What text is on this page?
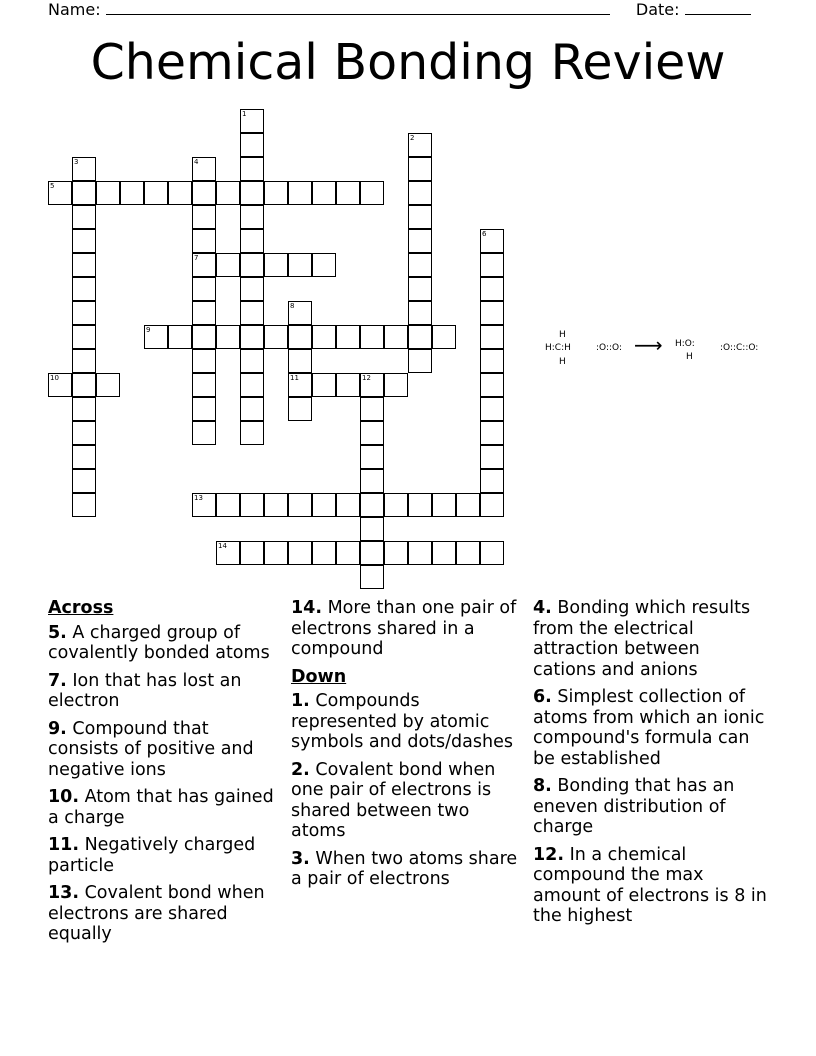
Name:	Date:
Chemical Bonding Review
1
2
3	4
7
5
6
8
11
9
10	12
13
14
H
H:C:H
H
:O::O: ⟶ H:O:
H
:O::C::O:
Across
5. A charged group of covalently bonded atoms
7. Ion that has lost an electron
9. Compound that consists of positive and negative ions
10. Atom that has gained a charge
11. Negatively charged particle
13. Covalent bond when electrons are shared equally
14. More than one pair of electrons shared in a compound
Down
1. Compounds represented by atomic symbols and dots/dashes
2. Covalent bond when one pair of electrons is shared between two atoms
3. When two atoms share a pair of electrons
4. Bonding which results from the electrical attraction between cations and anions
6. Simplest collection of atoms from which an ionic compound's formula can be established
8. Bonding that has an eneven distribution of charge
12. In a chemical compound the max amount of electrons is 8 in the highest
